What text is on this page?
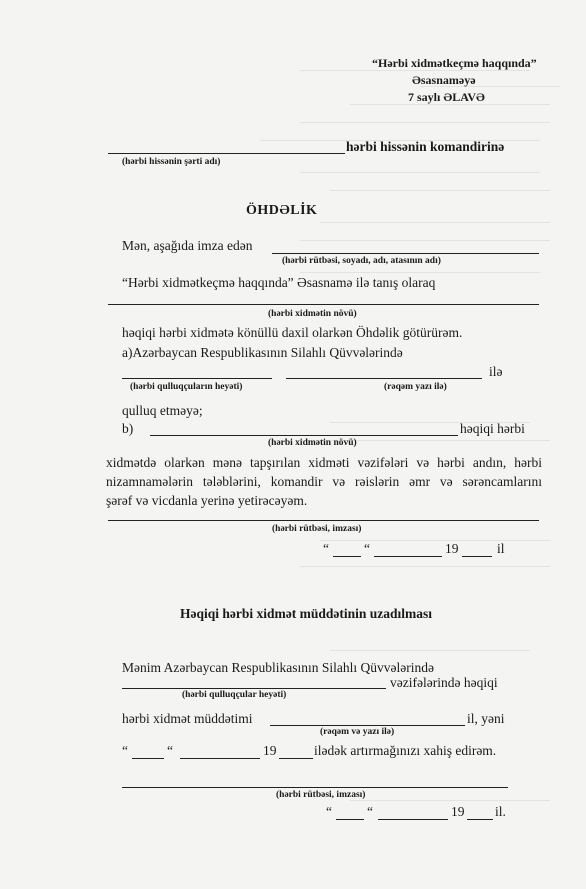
“Hərbi xidmətkeçmə haqqında”
Əsasnaməyə
7 saylı ƏLAVƏ
hərbi hissənin komandirinə
(hərbi hissənin şərti adı)
ÖHDƏLİK
Mən, aşağıda imza edən
(hərbi rütbəsi, soyadı, adı, atasının adı)
“Hərbi xidmətkeçmə haqqında” Əsasnamə ilə tanış olaraq
(hərbi xidmətin növü)
həqiqi hərbi xidmətə könüllü daxil olarkən Öhdəlik götürürəm.
a)Azərbaycan Respublikasının Silahlı Qüvvələrində
ilə
(hərbi qulluqçuların heyəti)	(rəqəm yazı ilə)
qulluq etməyə;
b)	həqiqi hərbi
(hərbi xidmətin növü)
xidmətdə olarkən mənə tapşırılan xidməti vəzifələri və hərbi andın, hərbi
nizamnamələrin tələblərini, komandir və rəislərin əmr və sərəncamlarını
şərəf və vicdanla yerinə yetirəcəyəm.
(hərbi rütbəsi, imzası)
“	“	19	il
Həqiqi hərbi xidmət müddətinin uzadılması
Mənim Azərbaycan Respublikasının Silahlı Qüvvələrində
vəzifələrində həqiqi
(hərbi qulluqçular heyəti)
hərbi xidmət müddətimi	il, yəni
(rəqəm və yazı ilə)
“	“	19	ilədək artırmağınızı xahiş edirəm.
(hərbi rütbəsi, imzası)
“	“	19 il.
